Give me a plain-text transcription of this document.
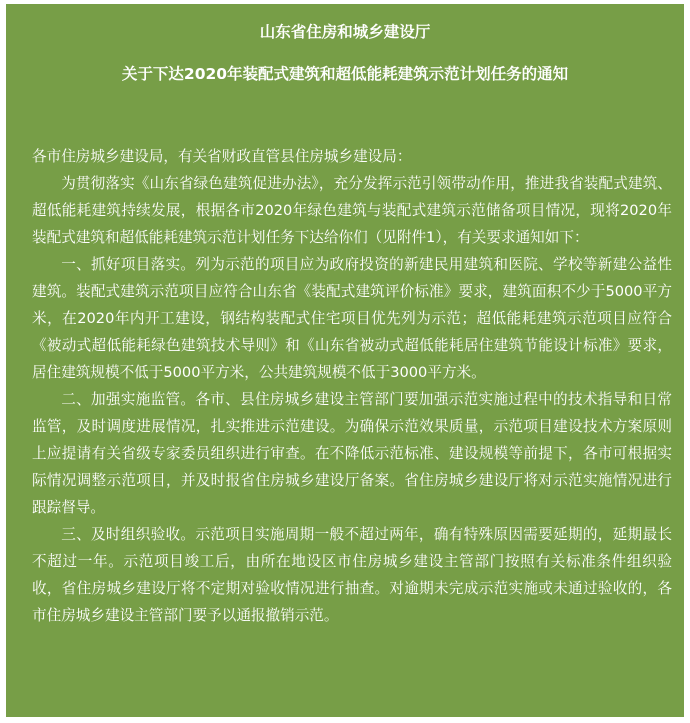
山东省住房和城乡建设厅
关于下达2020年装配式建筑和超低能耗建筑示范计划任务的通知

各市住房城乡建设局，有关省财政直管县住房城乡建设局：

为贯彻落实《山东省绿色建筑促进办法》，充分发挥示范引领带动作用，推进我省装配式建筑、超低能耗建筑持续发展，根据各市2020年绿色建筑与装配式建筑示范储备项目情况，现将2020年装配式建筑和超低能耗建筑示范计划任务下达给你们（见附件1），有关要求通知如下：

一、抓好项目落实。列为示范的项目应为政府投资的新建民用建筑和医院、学校等新建公益性建筑。装配式建筑示范项目应符合山东省《装配式建筑评价标准》要求，建筑面积不少于5000平方米，在2020年内开工建设，钢结构装配式住宅项目优先列为示范；超低能耗建筑示范项目应符合《被动式超低能耗绿色建筑技术导则》和《山东省被动式超低能耗居住建筑节能设计标准》要求，居住建筑规模不低于5000平方米，公共建筑规模不低于3000平方米。

二、加强实施监管。各市、县住房城乡建设主管部门要加强示范实施过程中的技术指导和日常监管，及时调度进展情况，扎实推进示范建设。为确保示范效果质量，示范项目建设技术方案原则上应提请有关省级专家委员组织进行审查。在不降低示范标准、建设规模等前提下，各市可根据实际情况调整示范项目，并及时报省住房城乡建设厅备案。省住房城乡建设厅将对示范实施情况进行跟踪督导。

三、及时组织验收。示范项目实施周期一般不超过两年，确有特殊原因需要延期的，延期最长不超过一年。示范项目竣工后，由所在地设区市住房城乡建设主管部门按照有关标准条件组织验收，省住房城乡建设厅将不定期对验收情况进行抽查。对逾期未完成示范实施或未通过验收的，各市住房城乡建设主管部门要予以通报撤销示范。
